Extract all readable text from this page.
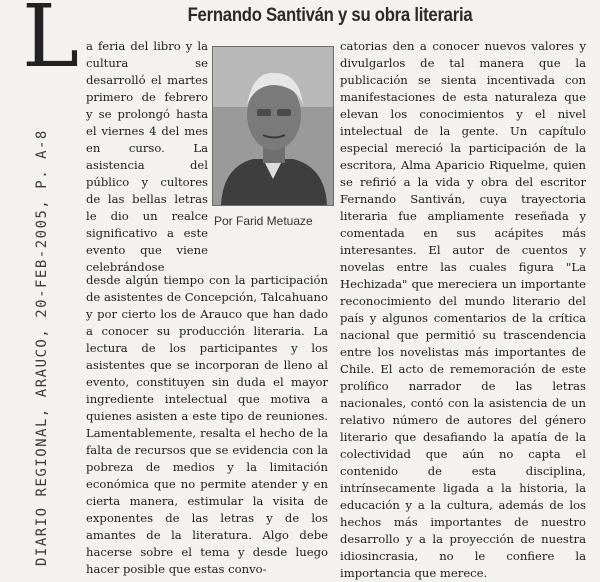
Fernando Santiván y su obra literaria
L a feria del libro y la cultura se desarrolló el martes primero de febrero y se prolongó hasta el viernes 4 del mes en curso. La asistencia del público y cultores de las bellas letras le dio un realce significativo a este evento que viene celebrándose

Por Farid Metuaze

desde algún tiempo con la participación de asistentes de Concepción, Talcahuano y por cierto los de Arauco que han dado a conocer su producción literaria. La lectura de los participantes y los asistentes que se incorporan de lleno al evento, constituyen sin duda el mayor ingrediente intelectual que motiva a quienes asisten a este tipo de reuniones. Lamentablemente, resalta el hecho de la falta de recursos que se evidencia con la pobreza de medios y la limitación económica que no permite atender y en cierta manera, estimular la visita de exponentes de las letras y de los amantes de la literatura. Algo debe hacerse sobre el tema y desde luego hacer posible que estas convo-

catorias den a conocer nuevos valores y divulgarlos de tal manera que la publicación se sienta incentivada con manifestaciones de esta naturaleza que elevan los conocimientos y el nivel intelectual de la gente. Un capítulo especial mereció la participación de la escritora, Alma Aparicio Riquelme, quien se refirió a la vida y obra del escritor Fernando Santiván, cuya trayectoria literaria fue ampliamente reseñada y comentada en sus acápites más interesantes. El autor de cuentos y novelas entre las cuales figura "La Hechizada" que mereciera un importante reconocimiento del mundo literario del país y algunos comentarios de la crítica nacional que permitió su trascendencia entre los novelistas más importantes de Chile. El acto de rememoración de este prolífico narrador de las letras nacionales, contó con la asistencia de un relativo número de autores del género literario que desafiando la apatía de la colectividad que aún no capta el contenido de esta disciplina, intrínsecamente ligada a la historia, la educación y a la cultura, además de los hechos más importantes de nuestro desarrollo y a la proyección de nuestra idiosincrasia, no le confiere la importancia que merece.

DIARIO REGIONAL, ARAUCO, 20-FEB-2005, P. A-8
